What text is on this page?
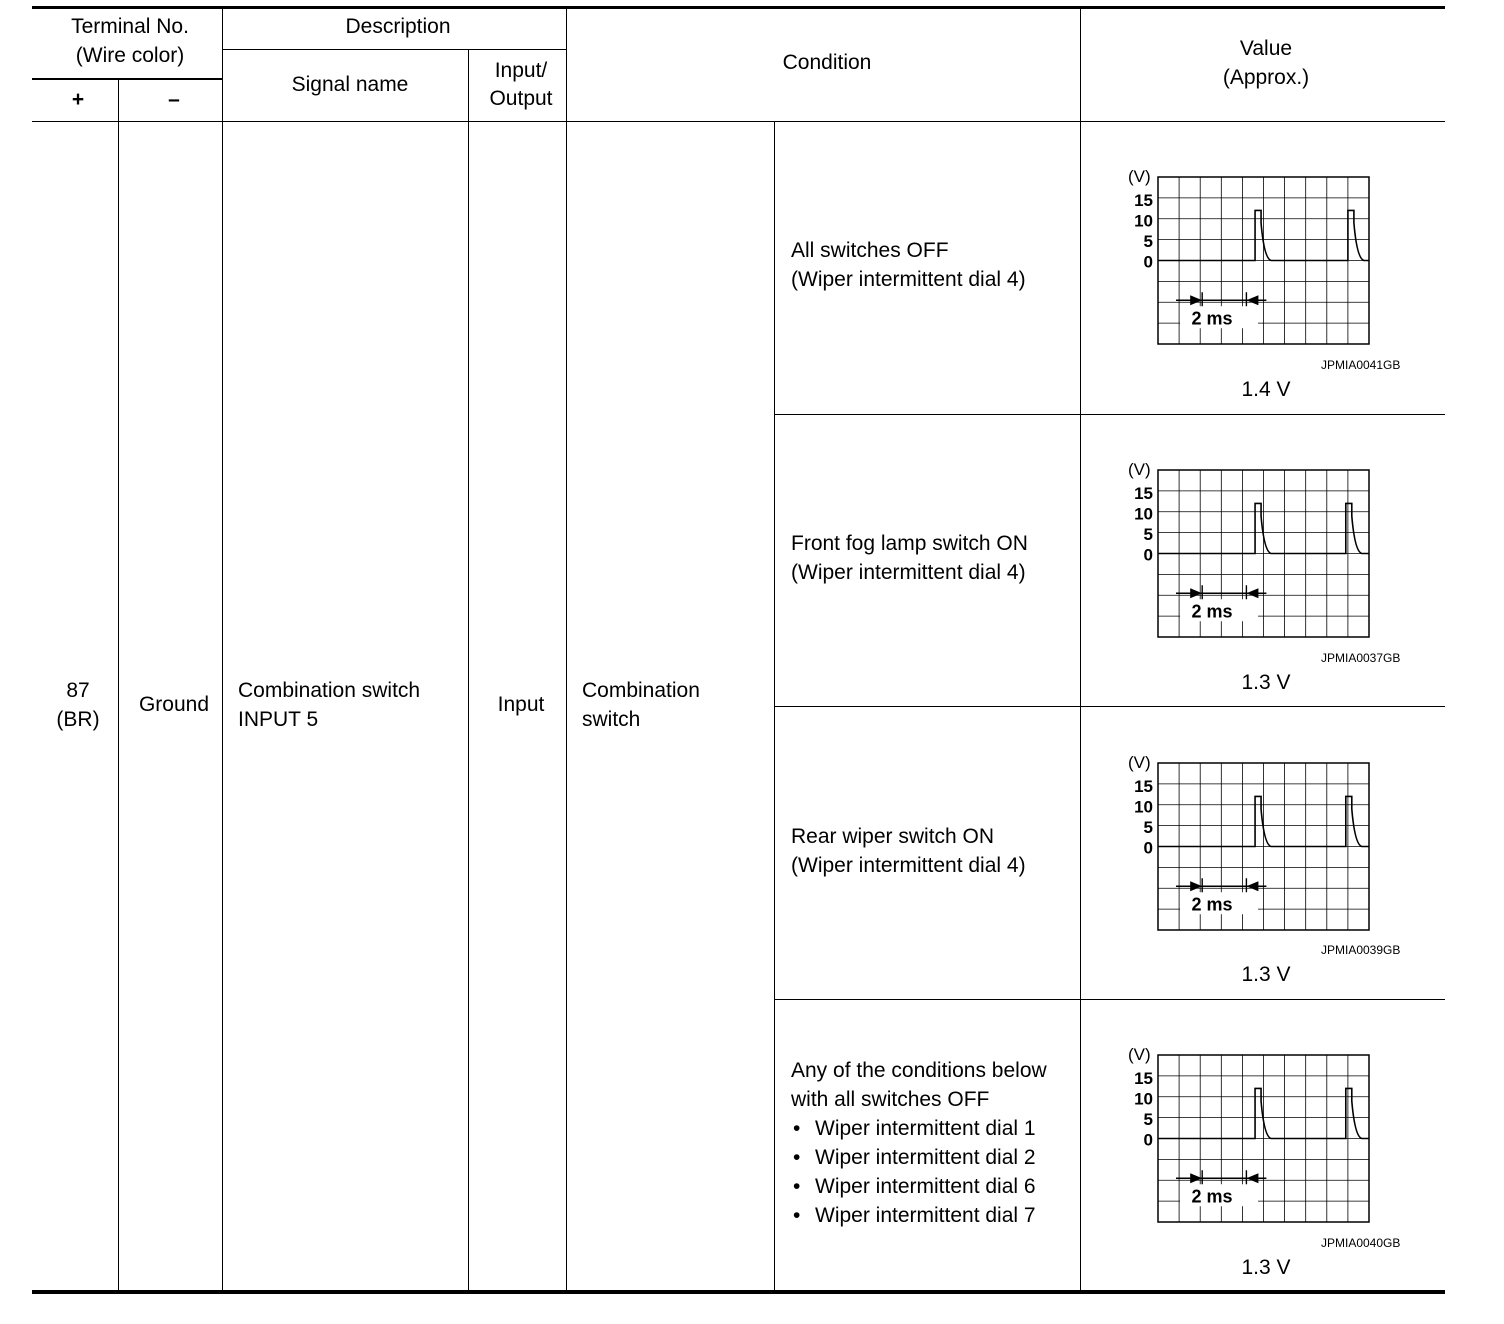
Terminal No.
(Wire color)
+	–
Description
Signal name
Input/
Output
Condition
Value
(Approx.)
87
(BR)
Ground
Combination switch
INPUT 5
Input
Combination
switch
All switches OFF
(Wiper intermittent dial 4)
(V)
15
10
5
0
2 ms
JPMIA0041GB
1.4 V
Front fog lamp switch ON
(Wiper intermittent dial 4)
(V)
15
10
5
0
2 ms
JPMIA0037GB
1.3 V
Rear wiper switch ON
(Wiper intermittent dial 4)
(V)
15
10
5
0
2 ms
JPMIA0039GB
1.3 V
Any of the conditions below
with all switches OFF
• Wiper intermittent dial 1
• Wiper intermittent dial 2
• Wiper intermittent dial 6
• Wiper intermittent dial 7
(V)
15
10
5
0
2 ms
JPMIA0040GB
1.3 V
